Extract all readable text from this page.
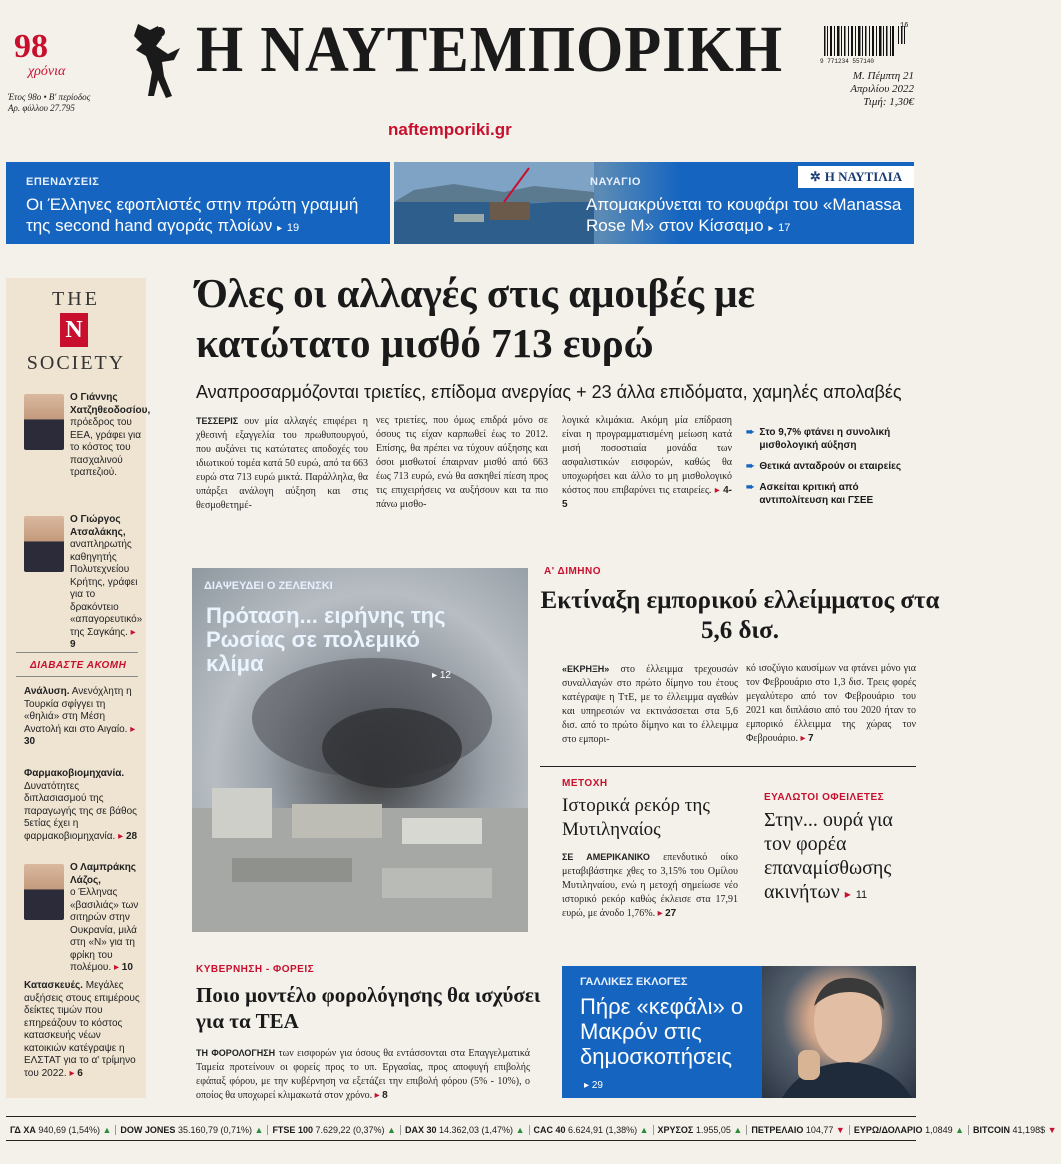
98
χρόνια
Έτος 98ο • Β' περίοδος
Αρ. φύλλου 27.795
Η ΝΑΥΤΕΜΠΟΡΙΚΗ
naftemporiki.gr
16
9 771234 557140
Μ. Πέμπτη 21
Απριλίου 2022
Τιμή: 1,30€
ΕΠΕΝΔΥΣΕΙΣ
Οι Έλληνες εφοπλιστές στην πρώτη γραμμή της second hand αγοράς πλοίων ▸ 19
ΝΑΥΑΓΙΟ
Απομακρύνεται το κουφάρι του «Manassa Rose M» στον Κίσσαμο ▸ 17
✲ Η ΝΑΥΤΙΛΙΑ
THE
N
SOCIETY
Ο Γιάννης Χατζηθεοδοσίου,
πρόεδρος του ΕΕΑ, γράφει για το κόστος του πασχαλινού τραπεζιού.
Ο Γιώργος Ατσαλάκης,
αναπληρωτής καθηγητής Πολυτεχνείου Κρήτης, γράφει για το δρακόντειο «απαγορευτικό» της Σαγκάης. ▸ 9
ΔΙΑΒΑΣΤΕ ΑΚΟΜΗ
Ανάλυση. Ανενόχλητη η Τουρκία σφίγγει τη «θηλιά» στη Μέση Ανατολή και στο Αιγαίο. ▸ 30
Φαρμακοβιομηχανία. Δυνατότητες διπλασιασμού της παραγωγής της σε βάθος 5ετίας έχει η φαρμακοβιομηχανία. ▸ 28
Ο Λαμπράκης Λάζος,
ο Έλληνας «βασιλιάς» των σιτηρών στην Ουκρανία, μιλά στη «Ν» για τη φρίκη του πολέμου. ▸ 10
Κατασκευές. Μεγάλες αυξήσεις στους επιμέρους δείκτες τιμών που επηρεάζουν το κόστος κατασκευής νέων κατοικιών κατέγραψε η ΕΛΣΤΑΤ για το α' τρίμηνο του 2022. ▸ 6
Όλες οι αλλαγές στις αμοιβές με κατώτατο μισθό 713 ευρώ
Αναπροσαρμόζονται τριετίες, επίδομα ανεργίας + 23 άλλα επιδόματα, χαμηλές απολαβές
ΤΕΣΣΕΡΙΣ ουν μία αλλαγές επιφέρει η χθεσινή εξαγγελία του πρωθυπουργού, που αυξάνει τις κατώτατες αποδοχές του ιδιωτικού τομέα κατά 50 ευρώ, από τα 663 ευρώ στα 713 ευρώ μικτά. Παράλληλα, θα υπάρξει ανάλογη αύξηση και στις θεσμοθετημέ-
νες τριετίες, που όμως επιδρά μόνο σε όσους τις είχαν καρπωθεί έως το 2012. Επίσης, θα πρέπει να τύχουν αύξησης και όσοι μισθωτοί έπαιρναν μισθό από 663 έως 713 ευρώ, ενώ θα ασκηθεί πίεση προς τις επιχειρήσεις να αυξήσουν και τα πιο πάνω μισθο-
λογικά κλιμάκια. Ακόμη μία επίδραση είναι η προγραμματισμένη μείωση κατά μισή ποσοστιαία μονάδα των ασφαλιστικών εισφορών, καθώς θα υποχωρήσει και άλλο το μη μισθολογικό κόστος που επιβαρύνει τις εταιρείες. ▸ 4-5
➨ Στο 9,7% φτάνει η συνολική μισθολογική αύξηση
➨ Θετικά ανταδρούν οι εταιρείες
➨ Ασκείται κριτική από αντιπολίτευση και ΓΣΕΕ
ΔΙΑΨΕΥΔΕΙ Ο ΖΕΛΕΝΣΚΙ
Πρόταση... ειρήνης της Ρωσίας σε πολεμικό κλίμα	▸ 12
Α' ΔΙΜΗΝΟ
Εκτίναξη εμπορικού ελλείμματος στα 5,6 δισ.
«ΕΚΡΗΞΗ» στο έλλειμμα τρεχουσών συναλλαγών στο πρώτο δίμηνο του έτους κατέγραψε η ΤτΕ, με το έλλειμμα αγαθών και υπηρεσιών να εκτινάσσεται στα 5,6 δισ. από το πρώτο δίμηνο και το έλλειμμα στο εμπορι-
κό ισοζύγιο καυσίμων να φτάνει μόνο για τον Φεβρουάριο στο 1,3 δισ. Τρεις φορές μεγαλύτερο από τον Φεβρουάριο του 2021 και διπλάσιο από του 2020 ήταν το εμπορικό έλλειμμα της χώρας τον Φεβρουάριο. ▸ 7
ΜΕΤΟΧΗ
Ιστορικά ρεκόρ της Μυτιληναίος
ΣΕ ΑΜΕΡΙΚΑΝΙΚΟ επενδυτικό οίκο μεταβιβάστηκε χθες το 3,15% του Ομίλου Μυτιληναίου, ενώ η μετοχή σημείωσε νέο ιστορικό ρεκόρ καθώς έκλεισε στα 17,91 ευρώ, με άνοδο 1,76%. ▸ 27
ΕΥΑΛΩΤΟΙ ΟΦΕΙΛΕΤΕΣ
Στην... ουρά για τον φορέα επαναμίσθωσης ακινήτων ▸ 11
ΚΥΒΕΡΝΗΣΗ - ΦΟΡΕΙΣ
Ποιο μοντέλο φορολόγησης θα ισχύσει για τα ΤΕΑ
ΤΗ ΦΟΡΟΛΟΓΗΣΗ των εισφορών για όσους θα εντάσσονται στα Επαγγελματικά Ταμεία προτείνουν οι φορείς προς το υπ. Εργασίας, προς αποφυγή επιβολής εφάπαξ φόρου, με την κυβέρνηση να εξετάζει την επιβολή φόρου (5% - 10%), ο οποίος θα υποχωρεί κλιμακωτά στον χρόνο. ▸ 8
ΓΑΛΛΙΚΕΣ ΕΚΛΟΓΕΣ
Πήρε «κεφάλι» ο Μακρόν στις δημοσκοπήσεις
▸ 29
ΓΔ ΧΑ 940,69 (1,54%) ▲	DOW JONES 35.160,79 (0,71%) ▲	FTSE 100 7.629,22 (0,37%) ▲	DAX 30 14.362,03 (1,47%) ▲	CAC 40 6.624,91 (1,38%) ▲	ΧΡΥΣΟΣ 1.955,05 ▲	ΠΕΤΡΕΛΑΙΟ 104,77 ▼	ΕΥΡΩ/ΔΟΛΑΡΙΟ 1,0849 ▲	BITCOIN 41,198$ ▼
